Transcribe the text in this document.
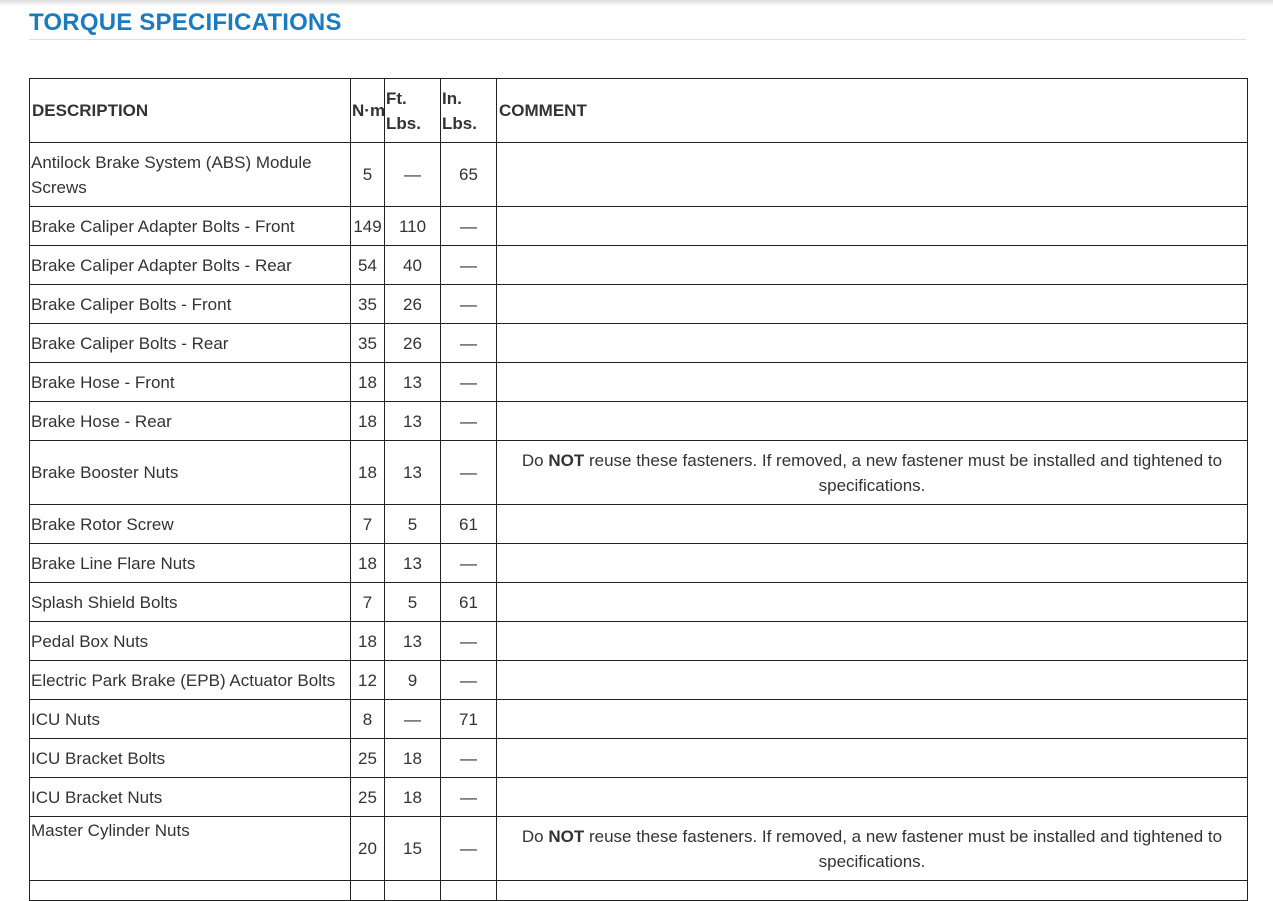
TORQUE SPECIFICATIONS
DESCRIPTION	N·m	Ft. Lbs.	In. Lbs.	COMMENT
Antilock Brake System (ABS) Module Screws	5	—	65	
Brake Caliper Adapter Bolts - Front	149	110	—	
Brake Caliper Adapter Bolts - Rear	54	40	—	
Brake Caliper Bolts - Front	35	26	—	
Brake Caliper Bolts - Rear	35	26	—	
Brake Hose - Front	18	13	—	
Brake Hose - Rear	18	13	—	
Brake Booster Nuts	18	13	—	Do NOT reuse these fasteners. If removed, a new fastener must be installed and tightened to specifications.
Brake Rotor Screw	7	5	61	
Brake Line Flare Nuts	18	13	—	
Splash Shield Bolts	7	5	61	
Pedal Box Nuts	18	13	—	
Electric Park Brake (EPB) Actuator Bolts	12	9	—	
ICU Nuts	8	—	71	
ICU Bracket Bolts	25	18	—	
ICU Bracket Nuts	25	18	—	
Master Cylinder Nuts	20	15	—	Do NOT reuse these fasteners. If removed, a new fastener must be installed and tightened to specifications.
